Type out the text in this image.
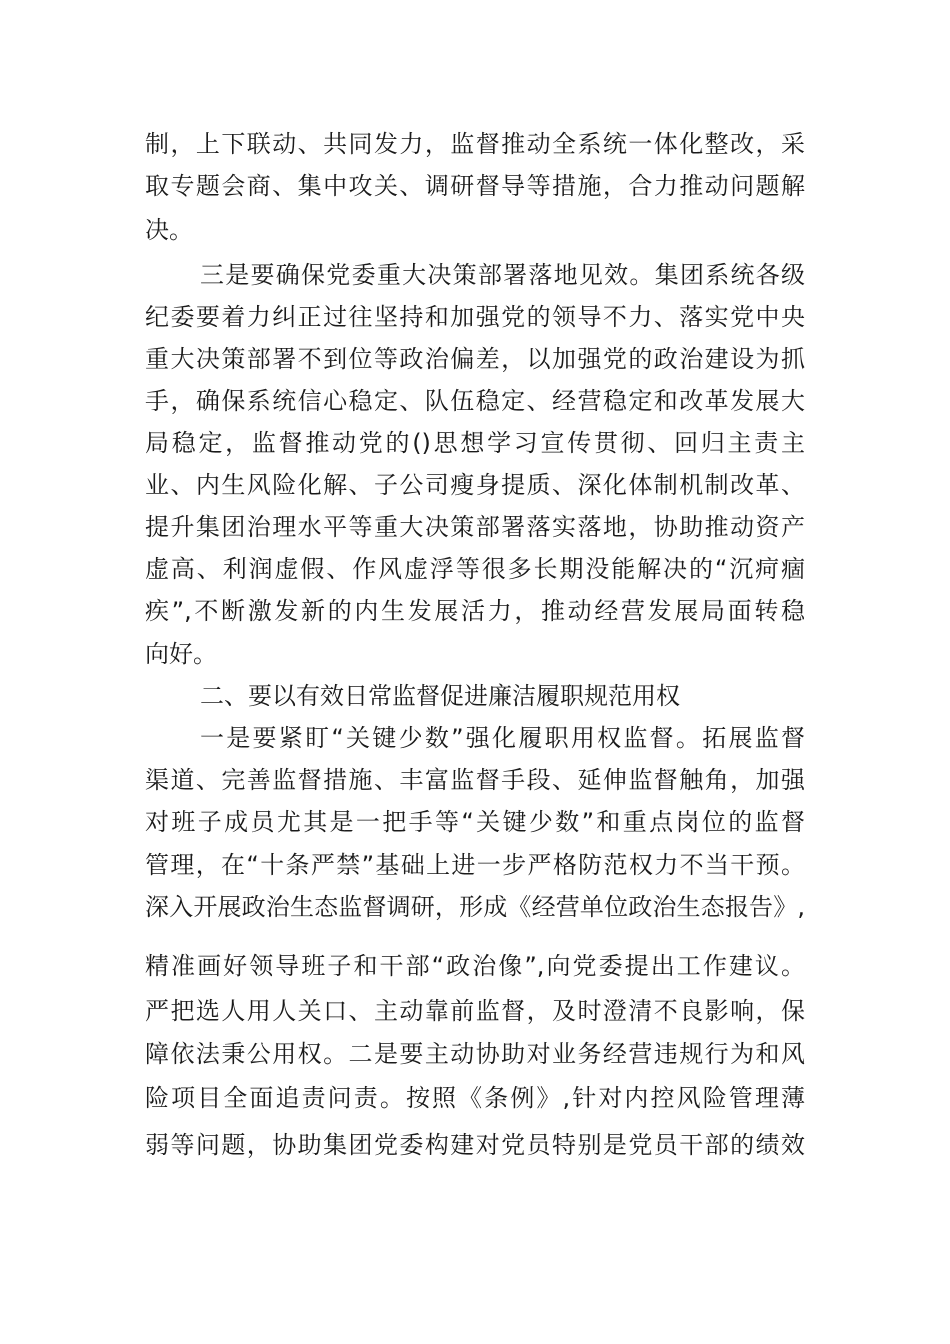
制，上下联动、共同发力，监督推动全系统一体化整改，采
取专题会商、集中攻关、调研督导等措施，合力推动问题解
决。
三是要确保党委重大决策部署落地见效。集团系统各级
纪委要着力纠正过往坚持和加强党的领导不力、落实党中央
重大决策部署不到位等政治偏差，以加强党的政治建设为抓
手，确保系统信心稳定、队伍稳定、经营稳定和改革发展大
局稳定，监督推动党的()思想学习宣传贯彻、回归主责主
业、内生风险化解、子公司瘦身提质、深化体制机制改革、
提升集团治理水平等重大决策部署落实落地，协助推动资产
虚高、利润虚假、作风虚浮等很多长期没能解决的“沉疴痼
疾”,不断激发新的内生发展活力，推动经营发展局面转稳
向好。
二、要以有效日常监督促进廉洁履职规范用权
一是要紧盯“关键少数”强化履职用权监督。拓展监督
渠道、完善监督措施、丰富监督手段、延伸监督触角，加强
对班子成员尤其是一把手等“关键少数”和重点岗位的监督
管理，在“十条严禁”基础上进一步严格防范权力不当干预。
深入开展政治生态监督调研，形成《经营单位政治生态报告》,
精准画好领导班子和干部“政治像”,向党委提出工作建议。
严把选人用人关口、主动靠前监督，及时澄清不良影响，保
障依法秉公用权。二是要主动协助对业务经营违规行为和风
险项目全面追责问责。按照《条例》,针对内控风险管理薄
弱等问题，协助集团党委构建对党员特别是党员干部的绩效
